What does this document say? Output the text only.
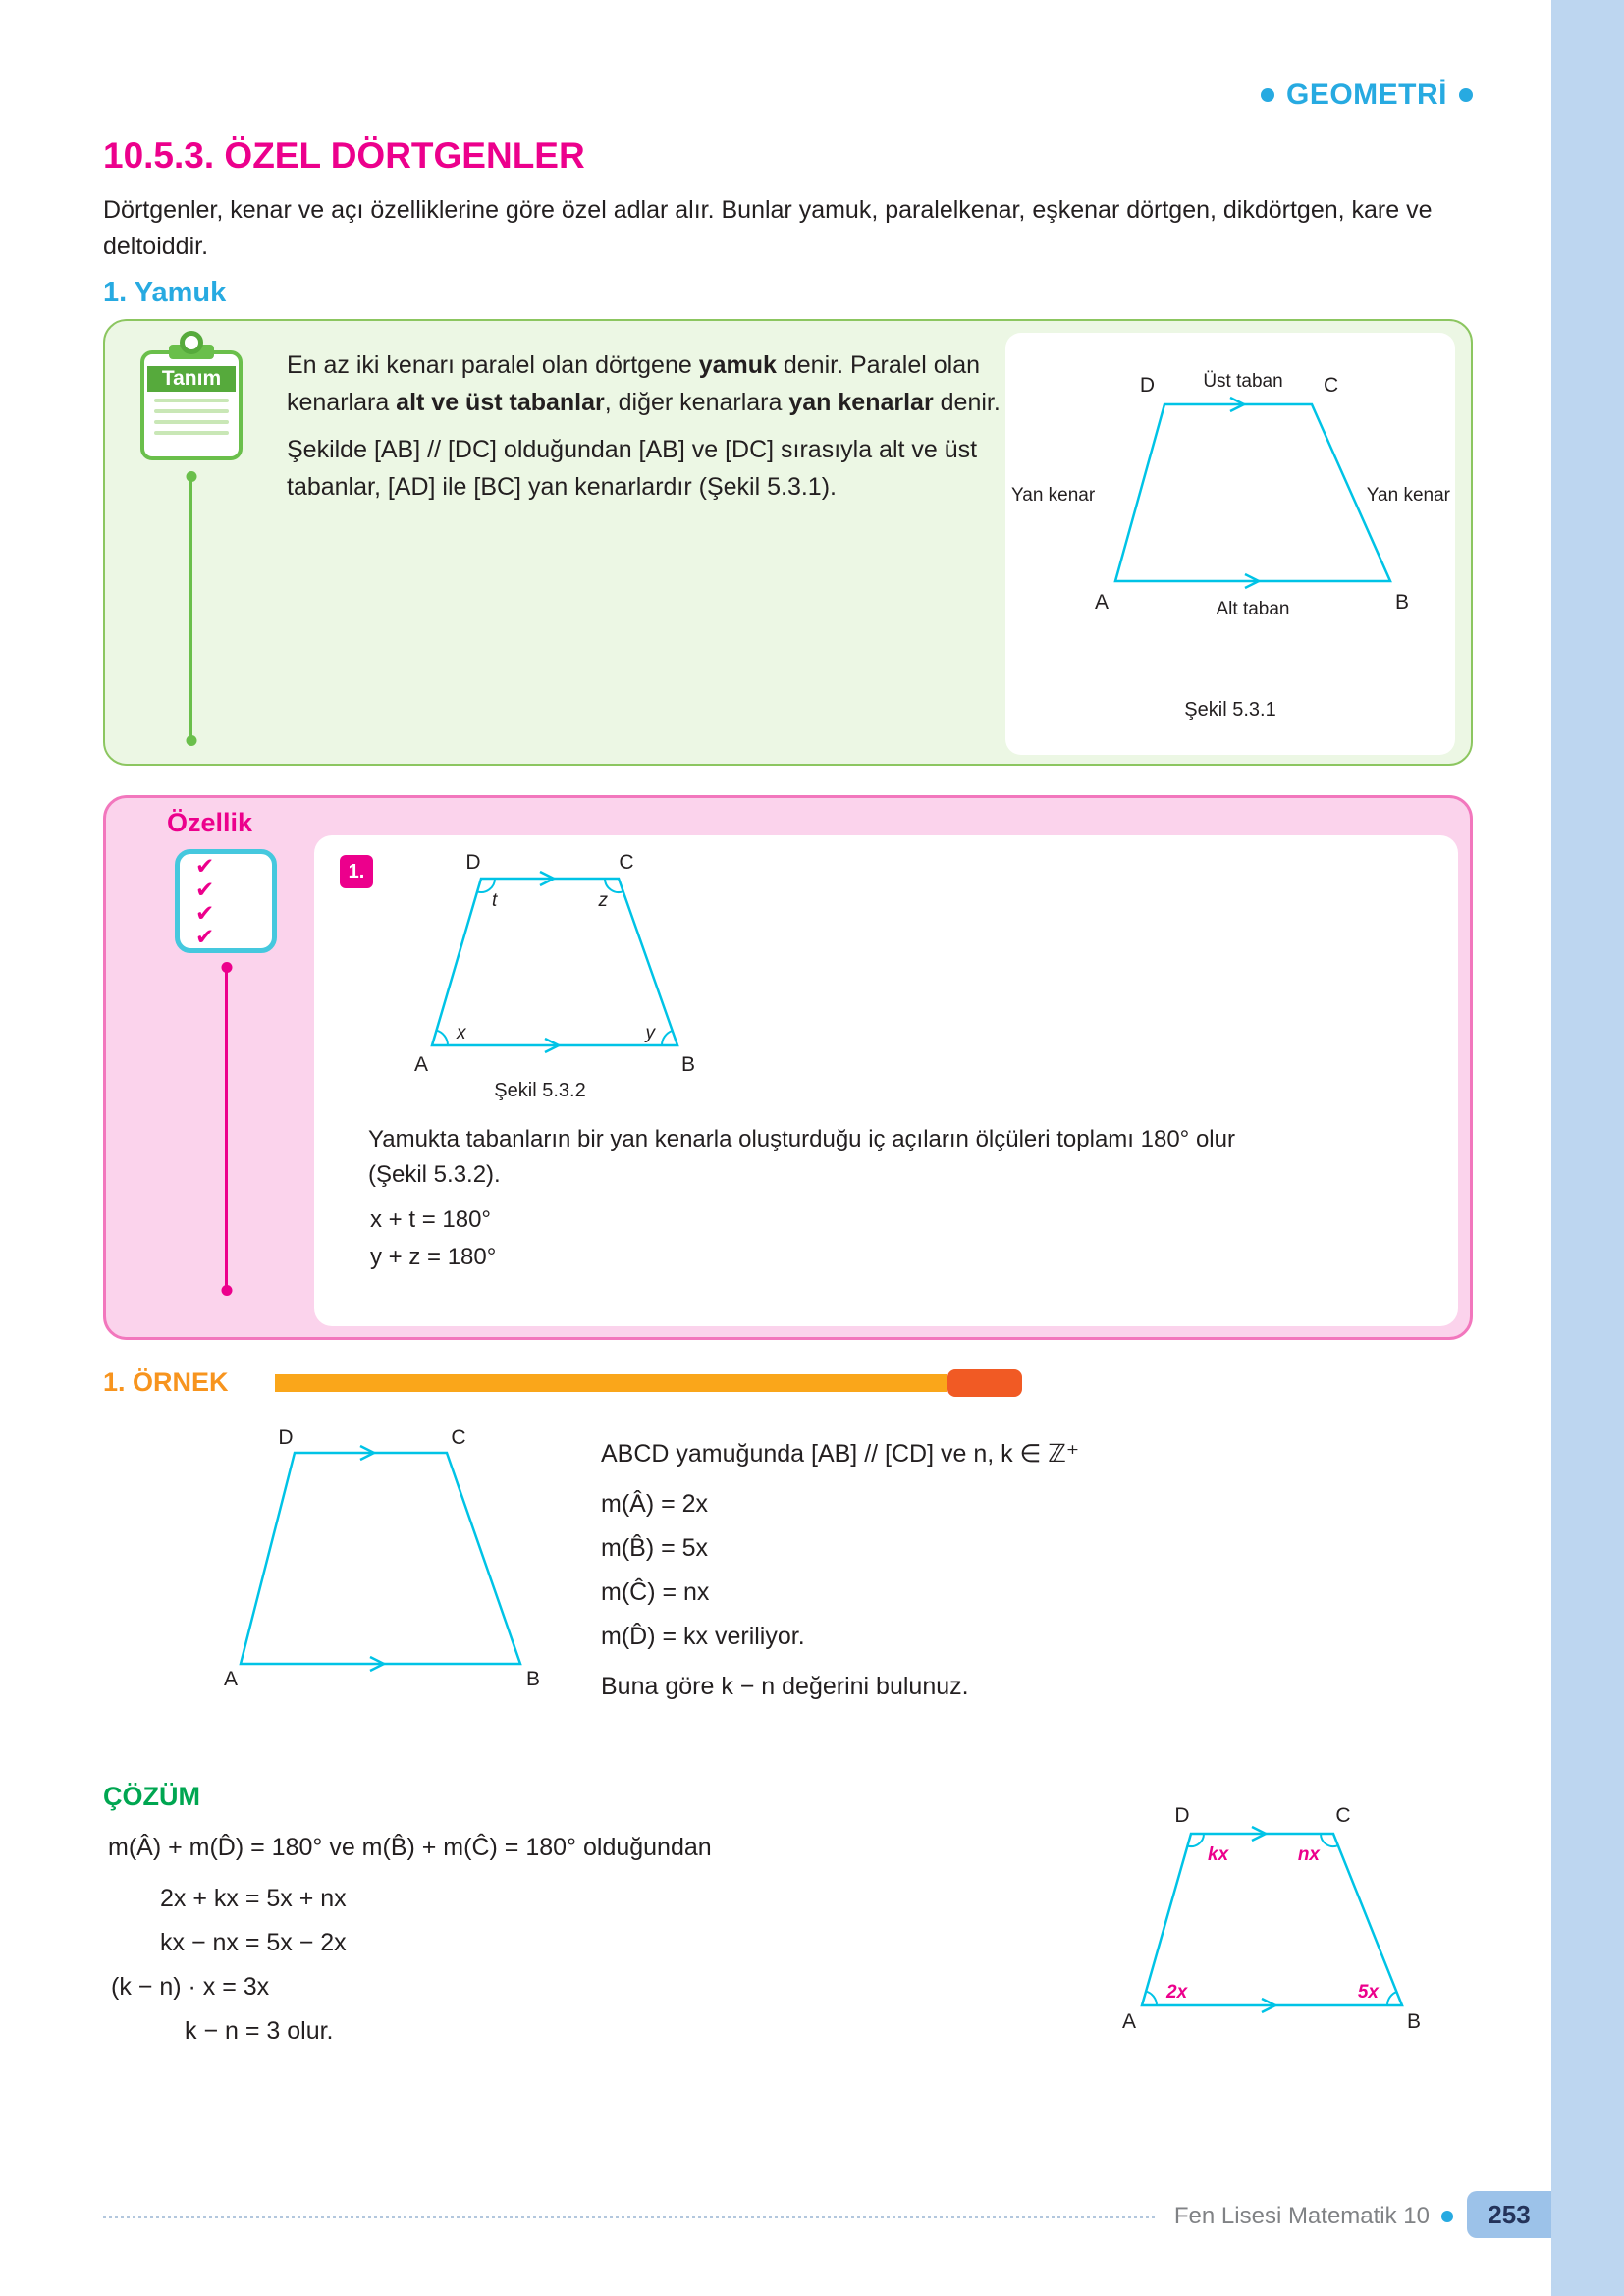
GEOMETRİ
10.5.3. ÖZEL DÖRTGENLER

Dörtgenler, kenar ve açı özelliklerine göre özel adlar alır. Bunlar yamuk, paralelkenar, eşkenar dörtgen, dikdörtgen, kare ve deltoiddir.

1. Yamuk
Tanım	En az iki kenarı paralel olan dörtgene yamuk denir. Paralel olan kenarlara alt ve üst tabanlar, diğer kenarlara yan kenarlar denir.

Şekilde [AB] // [DC] olduğundan [AB] ve [DC] sırasıyla alt ve üst tabanlar, [AD] ile [BC] yan kenarlardır (Şekil 5.3.1).

D	Üst taban C
Yan kenar	Yan kenar
A	Alt taban	B
Şekil 5.3.1
Özellik
✔
✔
✔
✔
1.	D	C
A	B
t	z
x	y
Şekil 5.3.2
Yamukta tabanların bir yan kenarla oluşturduğu iç açıların ölçüleri toplamı 180° olur
(Şekil 5.3.2).
x + t = 180°
y + z = 180°
1. ÖRNEK
D	C
A	B
ABCD yamuğunda [AB] // [CD] ve n, k ∈ ℤ⁺
m(Â) = 2x
m(B̂) = 5x
m(Ĉ) = nx
m(D̂) = kx veriliyor.
Buna göre k − n değerini bulunuz.
ÇÖZÜM
m(Â) + m(D̂) = 180° ve m(B̂) + m(Ĉ) = 180° olduğundan
2x + kx = 5x + nx
kx − nx = 5x − 2x
(k − n) · x = 3x
k − n = 3 olur.
D	C
A	B
kx	nx
2x	5x
Fen Lisesi Matematik 10	253
